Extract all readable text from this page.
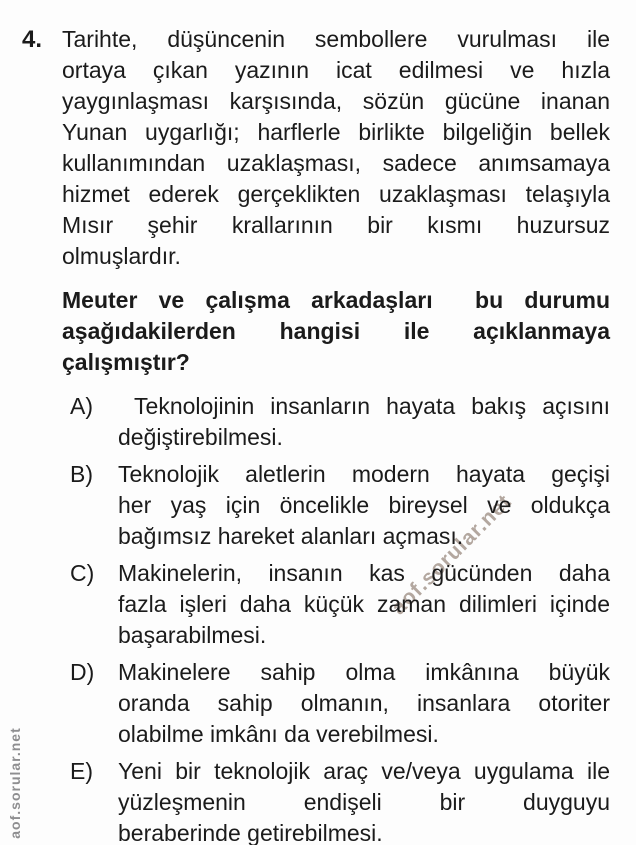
aof.sorular.net
aof.sorular.net
4. Tarihte, düşüncenin sembollere vurulması ile
ortaya çıkan yazının icat edilmesi ve hızla
yaygınlaşması karşısında, sözün gücüne inanan
Yunan uygarlığı; harflerle birlikte bilgeliğin bellek
kullanımından uzaklaşması, sadece anımsamaya
hizmet ederek gerçeklikten uzaklaşması telaşıyla
Mısır şehir krallarının bir kısmı huzursuz
olmuşlardır.
Meuter ve çalışma arkadaşları  bu durumu
aşağıdakilerden hangisi ile açıklanmaya
çalışmıştır?
A)	Teknolojinin insanların hayata bakış açısını
değiştirebilmesi.
B)	Teknolojik aletlerin modern hayata geçişi
her yaş için öncelikle bireysel ve oldukça
bağımsız hareket alanları açması.
C)	Makinelerin, insanın kas gücünden daha
fazla işleri daha küçük zaman dilimleri içinde
başarabilmesi.
D)	Makinelere sahip olma imkânına büyük
oranda sahip olmanın, insanlara otoriter
olabilme imkânı da verebilmesi.
E)	Yeni bir teknolojik araç ve/veya uygulama ile
yüzleşmenin endişeli bir duyguyu
beraberinde getirebilmesi.
